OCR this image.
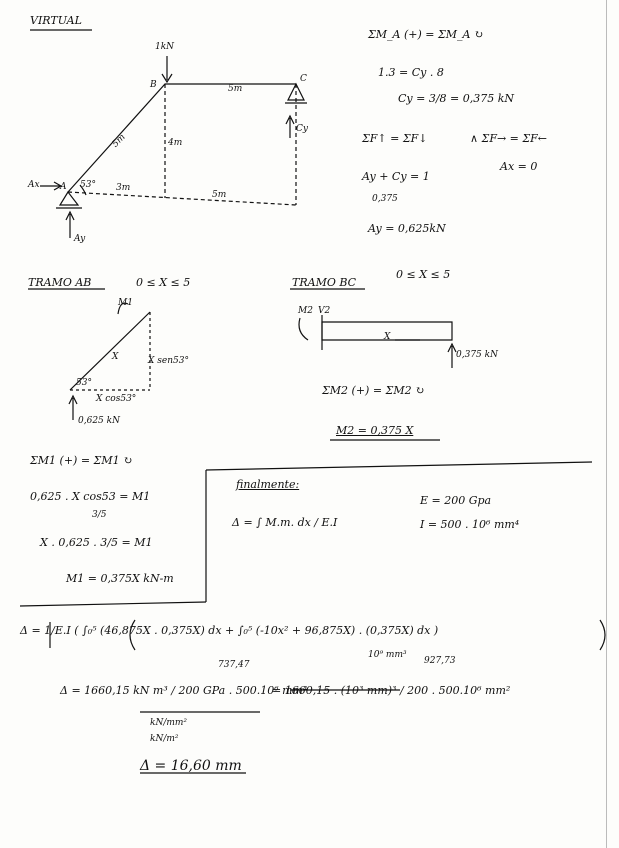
VIRTUAL
1kN
B
C
5m
5m	4m
53° 3m
5m
Cy
Ax A
Ay
ΣM_A (+) = ΣM_A ↻
1.3 = Cy . 8
Cy = 3/8 = 0,375 kN
ΣF↑ = ΣF↓	∧ ΣF→ = ΣF←
Ay + Cy = 1
0,375
Ax = 0
Ay = 0,625kN
TRAMO AB	0 ≤ X ≤ 5
M1
X	X sen53°
X cos53°
53°
0,625 kN
TRAMO BC
0 ≤ X ≤ 5
M2 V2
X
0,375 kN
ΣM2 (+) = ΣM2 ↻
M2 = 0,375 X
ΣM1 (+) = ΣM1 ↻
0,625 . X cos53 = M1
3/5
X . 0,625 . 3/5 = M1
M1 = 0,375X kN-m
finalmente:
Δ = ∫ M.m. dx / E.I
E = 200 Gpa
I = 500 . 10⁶ mm⁴
Δ = 1/E.I ( ∫₀⁵ (46,875X . 0,375X) dx + ∫₀⁵ (-10x² + 96,875X) . (0,375X) dx )
737,47
10⁹ mm³
927,73
Δ = 1660,15 kN m³ / 200 GPa . 500.10⁶ mm⁴
= 1660,15 . (10³ mm)³ / 200 . 500.10⁶ mm²
kN/mm²
kN/m²
Δ = 16,60 mm
